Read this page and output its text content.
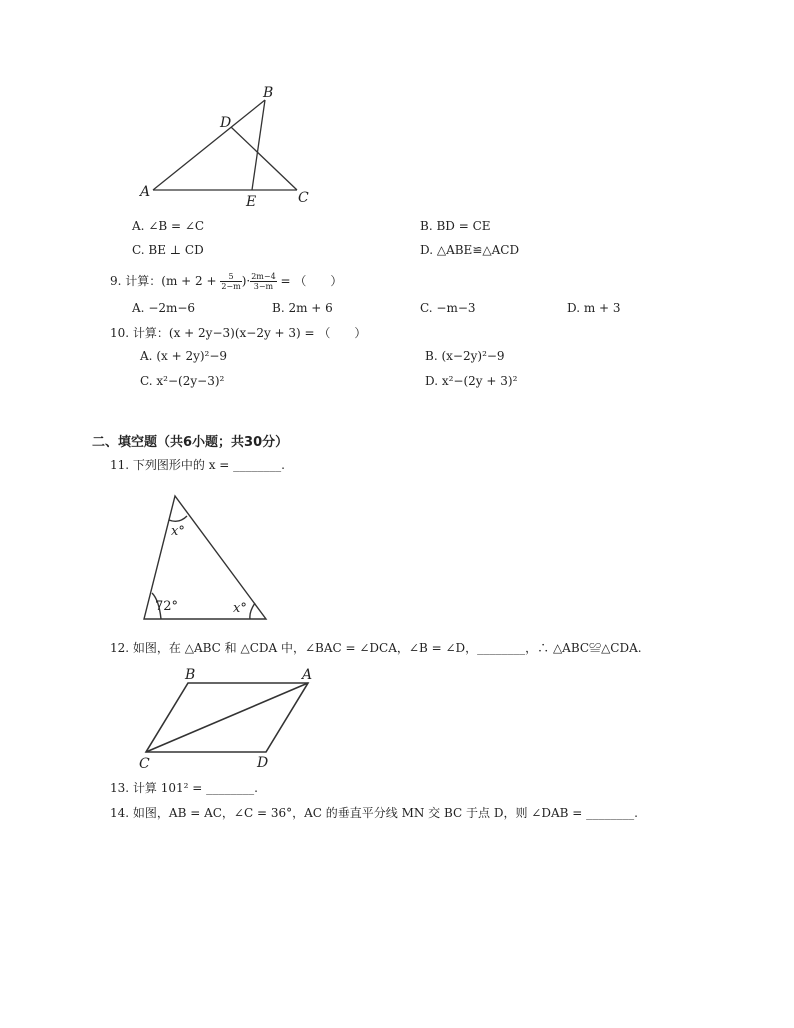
A
B
D
E	C
A. ∠B = ∠C	B. BD = CE
C. BE ⊥ CD	D. △ABE≌△ACD
9. 计算：($m + 2 + \frac{5}{2-m}$ )· $\frac{2m-4}{3-m}$ = （　　）
A. −2m−6	B. 2m + 6	C. −m−3	D. m + 3
10. 计算：(x + 2y−3)(x−2y + 3) = （　　）
A. (x + 2y)²−9	B. (x−2y)²−9
C. x²−(2y−3)²	D. x²−(2y + 3)²
二、填空题（共6小题；共30分）
11. 下列图形中的 x = ________.
x°
72°	x°
12. 如图，在 △ABC 和 △CDA 中，∠BAC = ∠DCA，∠B = ∠D，________，∴ △ABC≌△CDA.
B	A
C	D
13. 计算 101² = ________.
14. 如图，AB = AC，∠C = 36°，AC 的垂直平分线 MN 交 BC 于点 D，则 ∠DAB = ________.
